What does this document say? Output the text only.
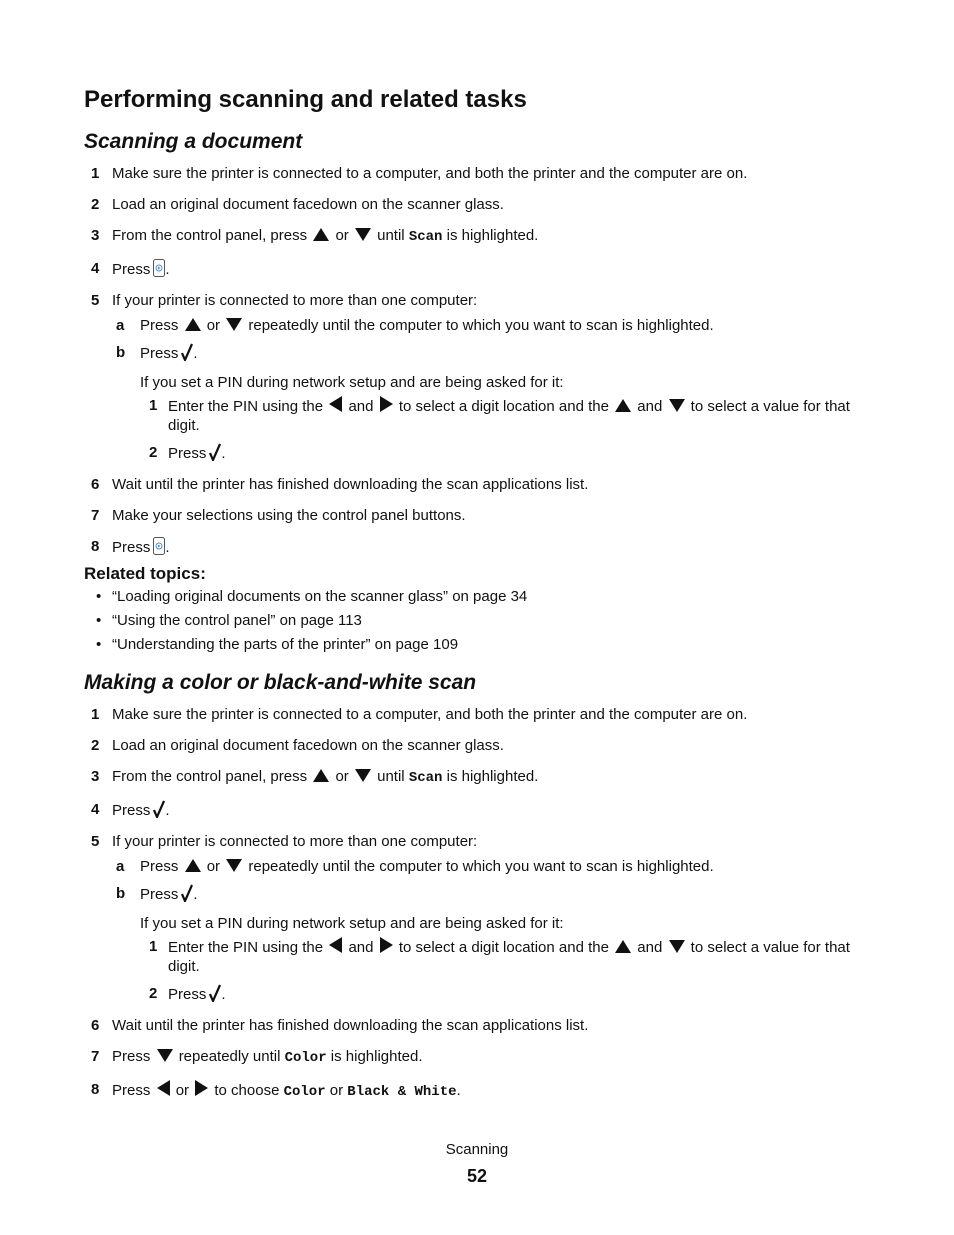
Performing scanning and related tasks
Scanning a document
1 Make sure the printer is connected to a computer, and both the printer and the computer are on.
2 Load an original document facedown on the scanner glass.
3 From the control panel, press or until Scan is highlighted.
4 Press .
5 If your printer is connected to more than one computer:
a Press or repeatedly until the computer to which you want to scan is highlighted.
b Press .
If you set a PIN during network setup and are being asked for it:
1 Enter the PIN using the and to select a digit location and the and to select a value for that digit.
2 Press .
6 Wait until the printer has finished downloading the scan applications list.
7 Make your selections using the control panel buttons.
8 Press .
Related topics:
• “Loading original documents on the scanner glass” on page 34
• “Using the control panel” on page 113
• “Understanding the parts of the printer” on page 109
Making a color or black-and-white scan
1 Make sure the printer is connected to a computer, and both the printer and the computer are on.
2 Load an original document facedown on the scanner glass.
3 From the control panel, press or until Scan is highlighted.
4 Press .
5 If your printer is connected to more than one computer:
a Press or repeatedly until the computer to which you want to scan is highlighted.
b Press .
If you set a PIN during network setup and are being asked for it:
1 Enter the PIN using the and to select a digit location and the and to select a value for that digit.
2 Press .
6 Wait until the printer has finished downloading the scan applications list.
7 Press repeatedly until Color is highlighted.
8 Press or to choose Color or Black & White.
Scanning
52
